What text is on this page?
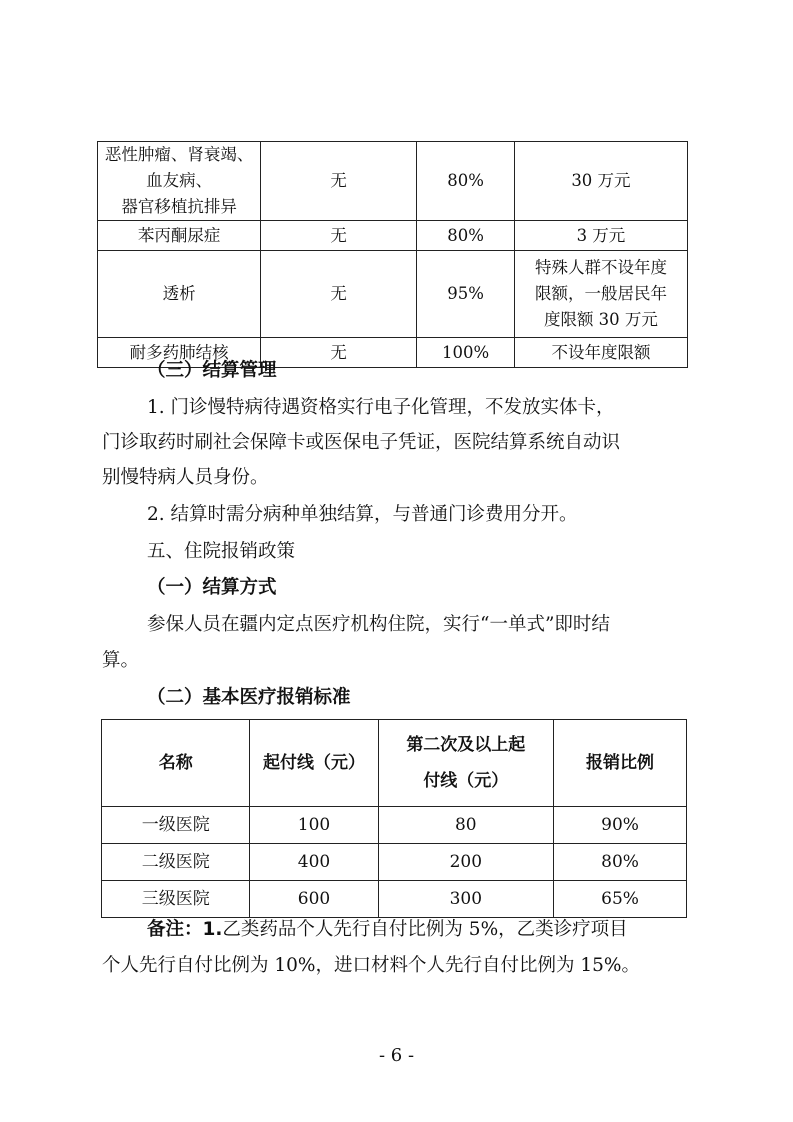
恶性肿瘤、肾衰竭、血友病、
器官移植抗排异	无	80%	30 万元
苯丙酮尿症	无	80%	3 万元
透析	无	95%	特殊人群不设年度
限额，一般居民年
度限额 30 万元

耐多药肺结核	无	100%	不设年度限额
（三）结算管理
1. 门诊慢特病待遇资格实行电子化管理，不发放实体卡，
门诊取药时刷社会保障卡或医保电子凭证，医院结算系统自动识
别慢特病人员身份。
2. 结算时需分病种单独结算，与普通门诊费用分开。
五、住院报销政策
（一）结算方式
参保人员在疆内定点医疗机构住院，实行“一单式”即时结
算。
（二）基本医疗报销标准
名称	起付线（元）	第二次及以上起
付线（元）	报销比例
一级医院	100	80	90%
二级医院	400	200	80%
三级医院	600	300	65%
备注：1.乙类药品个人先行自付比例为 5%，乙类诊疗项目
个人先行自付比例为 10%，进口材料个人先行自付比例为 15%。
- 6 -
